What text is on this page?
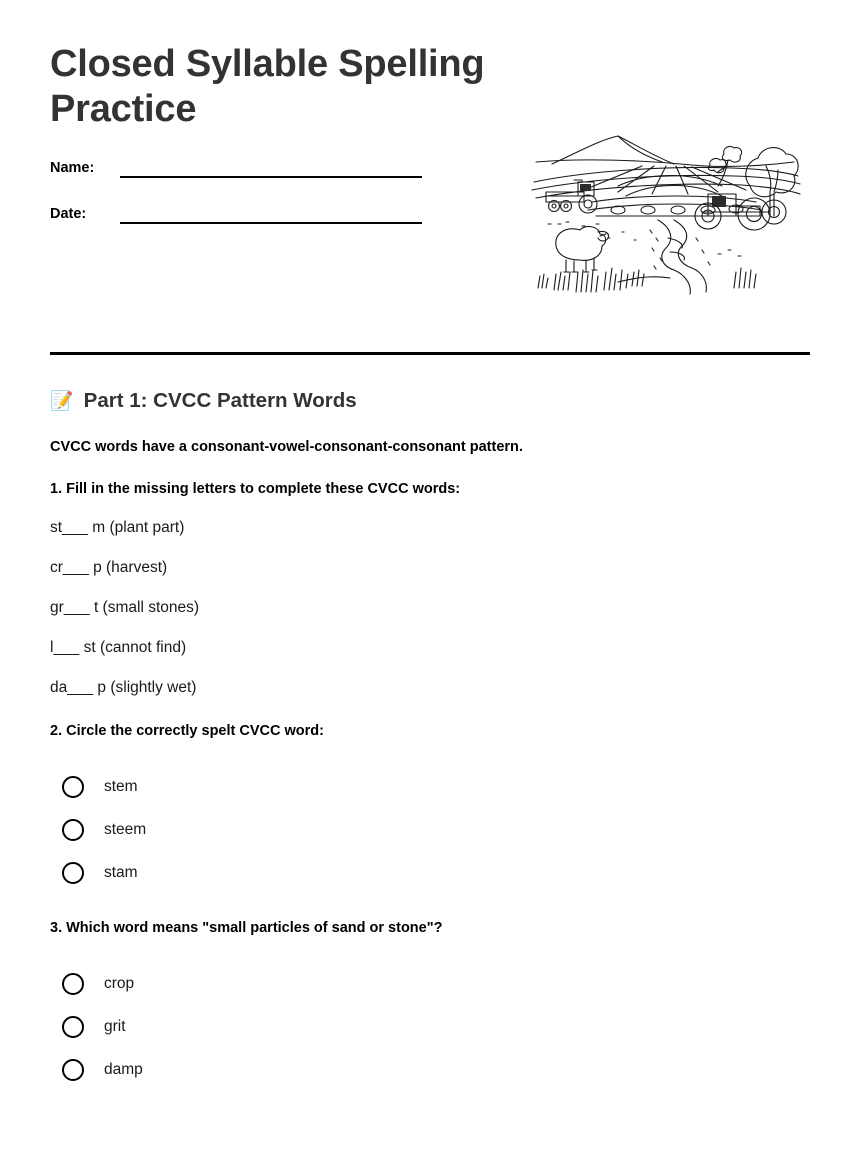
Closed Syllable Spelling Practice
Name:
Date:
📝 Part 1: CVCC Pattern Words
CVCC words have a consonant-vowel-consonant-consonant pattern.
1. Fill in the missing letters to complete these CVCC words:
st___ m (plant part)
cr___ p (harvest)
gr___ t (small stones)
l___ st (cannot find)
da___ p (slightly wet)
2. Circle the correctly spelt CVCC word:
stem
steem
stam
3. Which word means "small particles of sand or stone"?
crop
grit
damp
